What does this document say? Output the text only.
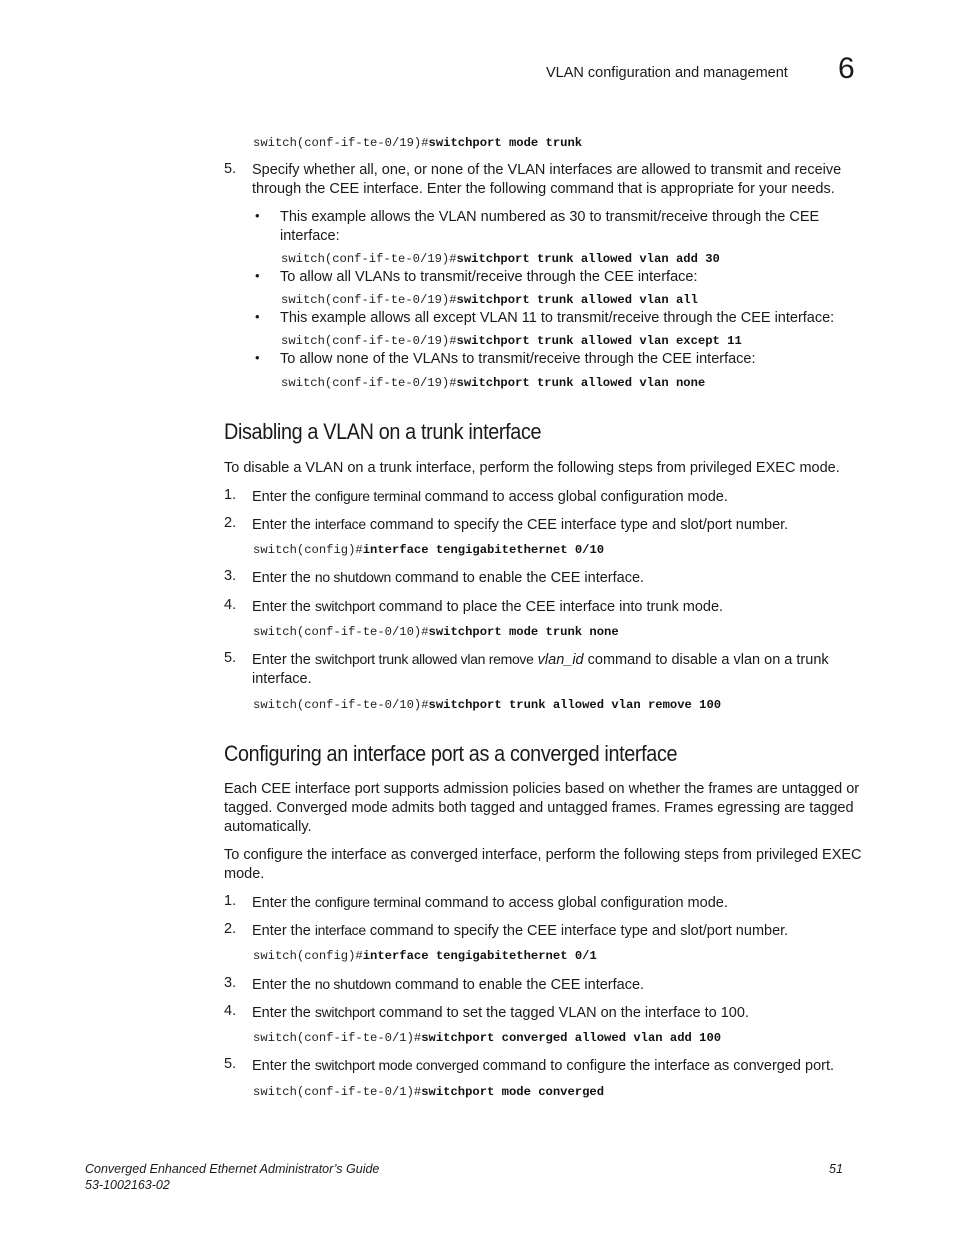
VLAN configuration and management 6
switch(conf-if-te-0/19)#switchport mode trunk
5. Specify whether all, one, or none of the VLAN interfaces are allowed to transmit and receive
through the CEE interface. Enter the following command that is appropriate for your needs.
• This example allows the VLAN numbered as 30 to transmit/receive through the CEE
interface:
switch(conf-if-te-0/19)#switchport trunk allowed vlan add 30
• To allow all VLANs to transmit/receive through the CEE interface:
switch(conf-if-te-0/19)#switchport trunk allowed vlan all
• This example allows all except VLAN 11 to transmit/receive through the CEE interface:
switch(conf-if-te-0/19)#switchport trunk allowed vlan except 11
• To allow none of the VLANs to transmit/receive through the CEE interface:
switch(conf-if-te-0/19)#switchport trunk allowed vlan none
Disabling a VLAN on a trunk interface
To disable a VLAN on a trunk interface, perform the following steps from privileged EXEC mode.
1. Enter the configure terminal command to access global configuration mode.
2. Enter the interface command to specify the CEE interface type and slot/port number.
switch(config)#interface tengigabitethernet 0/10
3. Enter the no shutdown command to enable the CEE interface.
4. Enter the switchport command to place the CEE interface into trunk mode.
switch(conf-if-te-0/10)#switchport mode trunk none
5. Enter the switchport trunk allowed vlan remove vlan_id command to disable a vlan on a trunk
interface.
switch(conf-if-te-0/10)#switchport trunk allowed vlan remove 100
Configuring an interface port as a converged interface
Each CEE interface port supports admission policies based on whether the frames are untagged or
tagged. Converged mode admits both tagged and untagged frames. Frames egressing are tagged
automatically.
To configure the interface as converged interface, perform the following steps from privileged EXEC
mode.
1. Enter the configure terminal command to access global configuration mode.
2. Enter the interface command to specify the CEE interface type and slot/port number.
switch(config)#interface tengigabitethernet 0/1
3. Enter the no shutdown command to enable the CEE interface.
4. Enter the switchport command to set the tagged VLAN on the interface to 100.
switch(conf-if-te-0/1)#switchport converged allowed vlan add 100
5. Enter the switchport mode converged command to configure the interface as converged port.
switch(conf-if-te-0/1)#switchport mode converged
Converged Enhanced Ethernet Administrator’s Guide
53-1002163-02
51
